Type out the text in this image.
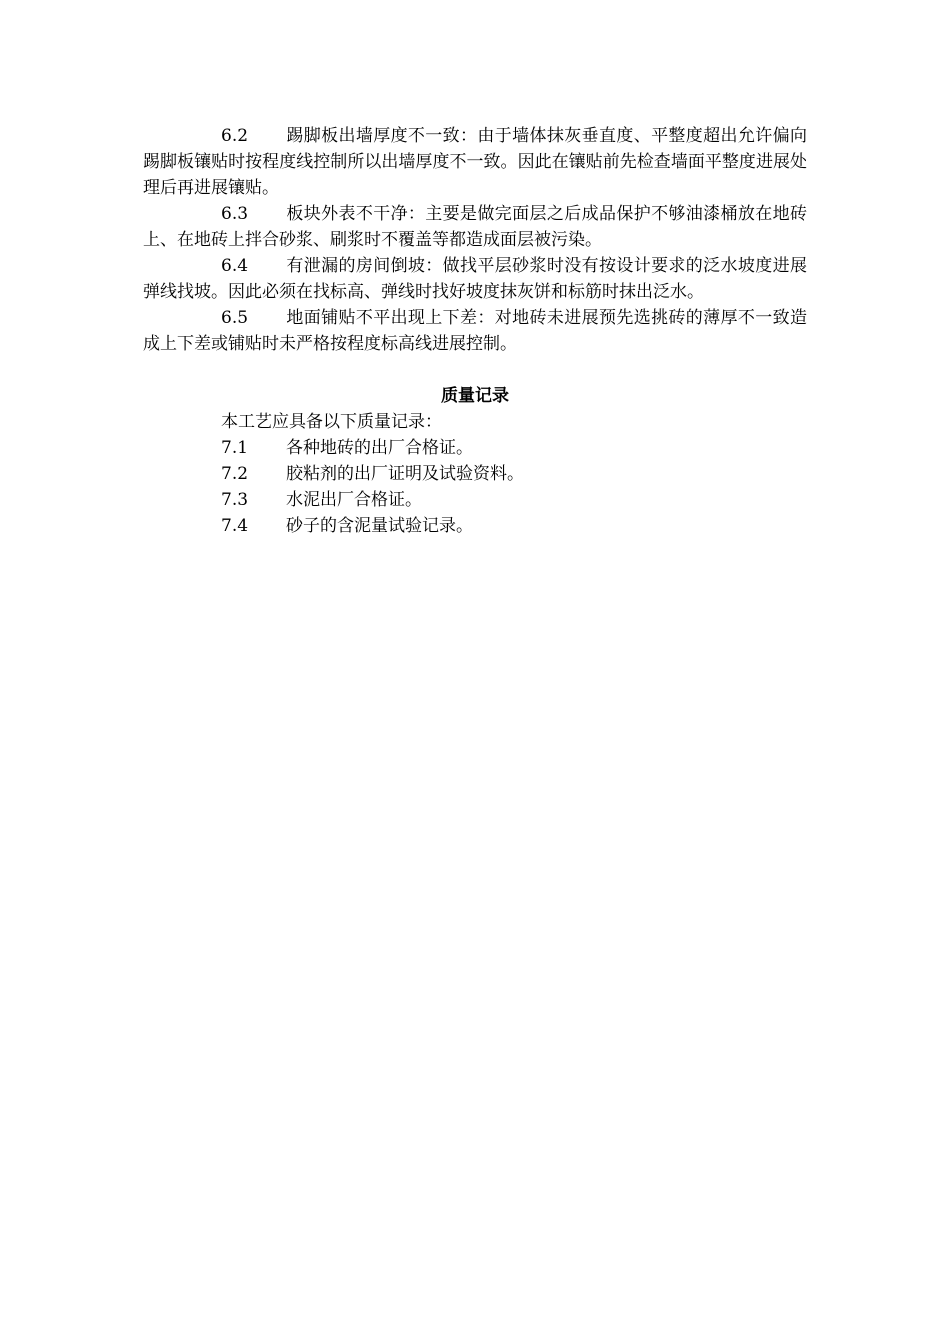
6.2 踢脚板出墙厚度不一致：由于墙体抹灰垂直度、平整度超出允许偏向踢脚板镶贴时按程度线控制所以出墙厚度不一致。因此在镶贴前先检查墙面平整度进展处理后再进展镶贴。

6.3 板块外表不干净：主要是做完面层之后成品保护不够油漆桶放在地砖上、在地砖上拌合砂浆、刷浆时不覆盖等都造成面层被污染。

6.4 有泄漏的房间倒坡：做找平层砂浆时没有按设计要求的泛水坡度进展弹线找坡。因此必须在找标高、弹线时找好坡度抹灰饼和标筋时抹出泛水。

6.5 地面铺贴不平出现上下差：对地砖未进展预先选挑砖的薄厚不一致造成上下差或铺贴时未严格按程度标高线进展控制。

质量记录

本工艺应具备以下质量记录：

7.1 各种地砖的出厂合格证。

7.2 胶粘剂的出厂证明及试验资料。

7.3 水泥出厂合格证。

7.4 砂子的含泥量试验记录。
